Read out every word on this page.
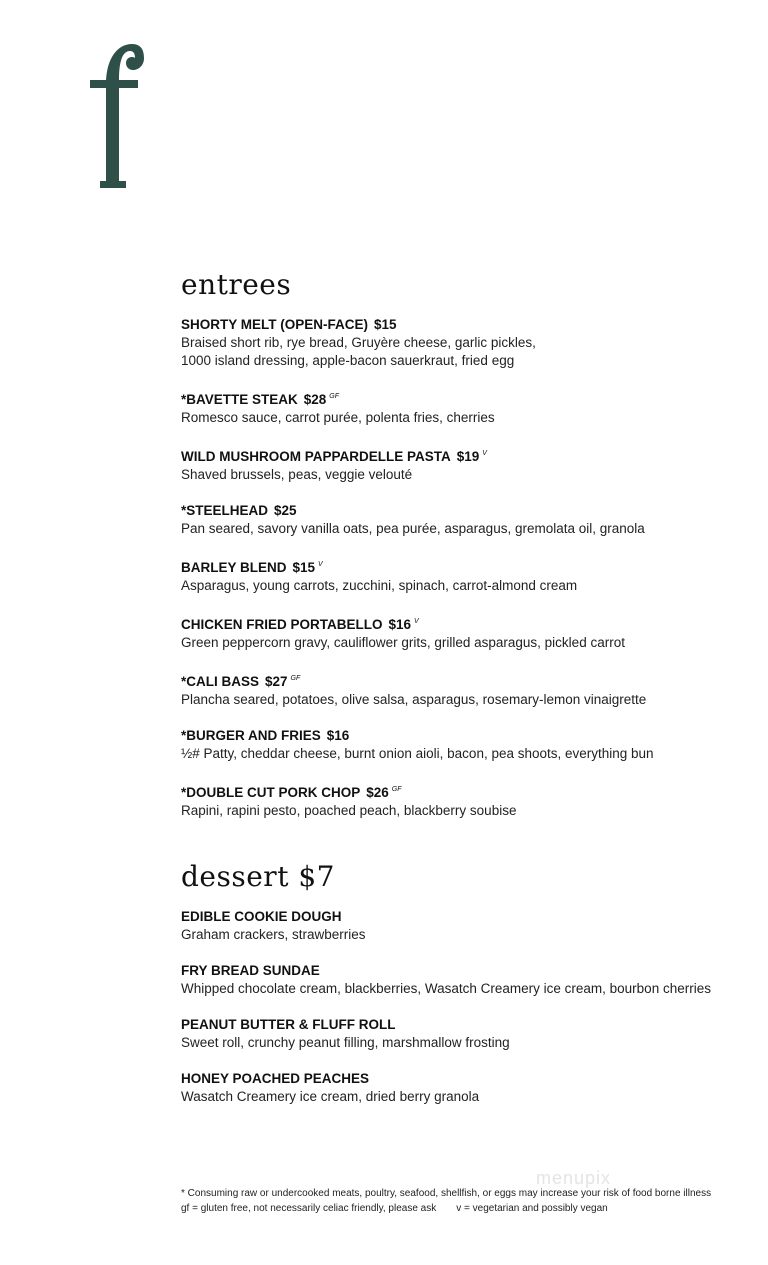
entrees
SHORTY MELT (OPEN-FACE) $15
Braised short rib, rye bread, Gruyère cheese, garlic pickles,
1000 island dressing, apple-bacon sauerkraut, fried egg
*BAVETTE STEAK $28 $^{GF}$
Romesco sauce, carrot purée, polenta fries, cherries
WILD MUSHROOM PAPPARDELLE PASTA $19 $^V$
Shaved brussels, peas, veggie velouté
*STEELHEAD $25
Pan seared, savory vanilla oats, pea purée, asparagus, gremolata oil, granola
BARLEY BLEND $15 $^V$
Asparagus, young carrots, zucchini, spinach, carrot-almond cream
CHICKEN FRIED PORTABELLO $16 $^V$
Green peppercorn gravy, cauliflower grits, grilled asparagus, pickled carrot
*CALI BASS $27 $^{GF}$
Plancha seared, potatoes, olive salsa, asparagus, rosemary-lemon vinaigrette
*BURGER AND FRIES $16
½# Patty, cheddar cheese, burnt onion aioli, bacon, pea shoots, everything bun
*DOUBLE CUT PORK CHOP $26 $^{GF}$
Rapini, rapini pesto, poached peach, blackberry soubise
dessert $7
EDIBLE COOKIE DOUGH
Graham crackers, strawberries
FRY BREAD SUNDAE
Whipped chocolate cream, blackberries, Wasatch Creamery ice cream, bourbon cherries
PEANUT BUTTER & FLUFF ROLL
Sweet roll, crunchy peanut filling, marshmallow frosting
HONEY POACHED PEACHES
Wasatch Creamery ice cream, dried berry granola
menupix
* Consuming raw or undercooked meats, poultry, seafood, shellfish, or eggs may increase your risk of food borne illness
gf = gluten free, not necessarily celiac friendly, please ask v = vegetarian and possibly vegan
